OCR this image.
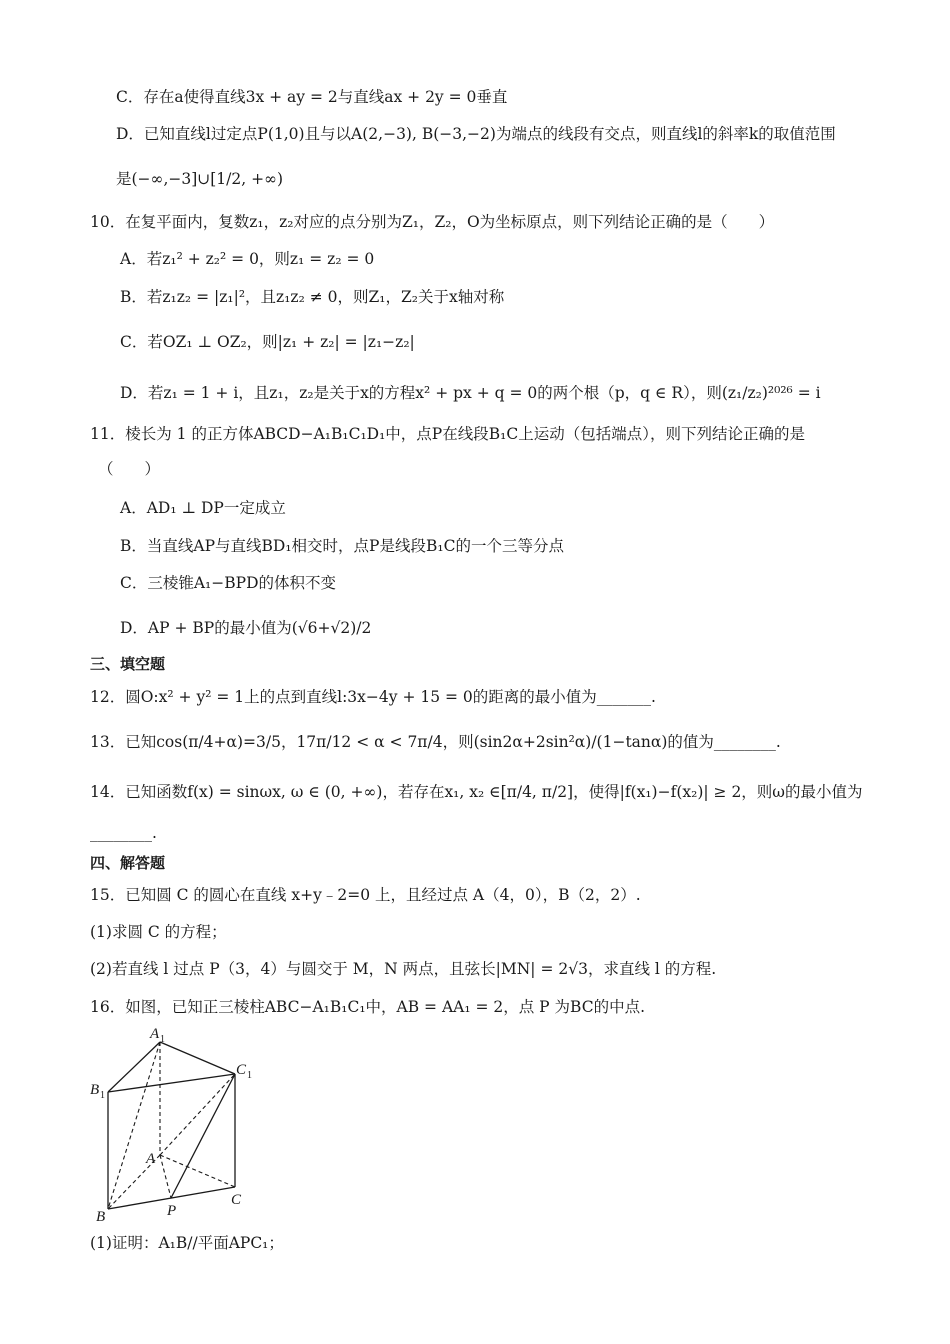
C．存在a使得直线3x + ay = 2与直线ax + 2y = 0垂直
D．已知直线l过定点P(1,0)且与以A(2,−3), B(−3,−2)为端点的线段有交点，则直线l的斜率k的取值范围
是(−∞,−3]∪[1/2, +∞)
10．在复平面内，复数z₁，z₂对应的点分别为Z₁，Z₂，O为坐标原点，则下列结论正确的是（　　）
A．若z₁² + z₂² = 0，则z₁ = z₂ = 0
B．若z₁z₂ = |z₁|²，且z₁z₂ ≠ 0，则Z₁，Z₂关于x轴对称
C．若OZ₁ ⊥ OZ₂，则|z₁ + z₂| = |z₁−z₂|
D．若z₁ = 1 + i，且z₁，z₂是关于x的方程x² + px + q = 0的两个根（p，q ∈ R），则(z₁/z₂)²⁰²⁶ = i
11．棱长为 1 的正方体ABCD−A₁B₁C₁D₁中，点P在线段B₁C上运动（包括端点），则下列结论正确的是
（　　）
A．AD₁ ⊥ DP一定成立
B．当直线AP与直线BD₁相交时，点P是线段B₁C的一个三等分点
C．三棱锥A₁−BPD的体积不变
D．AP + BP的最小值为(√6+√2)/2
三、填空题
12．圆O:x² + y² = 1上的点到直线l:3x−4y + 15 = 0的距离的最小值为_______.
13．已知cos(π/4+α)=3/5，17π/12 < α < 7π/4，则(sin2α+2sin²α)/(1−tanα)的值为________.
14．已知函数f(x) = sinωx, ω ∈ (0, +∞)，若存在x₁, x₂ ∈[π/4, π/2]，使得|f(x₁)−f(x₂)| ≥ 2，则ω的最小值为
________.
四、解答题
15．已知圆 C 的圆心在直线 x+y﹣2=0 上，且经过点 A（4，0），B（2，2）.
(1)求圆 C 的方程；
(2)若直线 l 过点 P（3，4）与圆交于 M，N 两点，且弦长|MN| = 2√3，求直线 l 的方程.
16．如图，已知正三棱柱ABC−A₁B₁C₁中，AB = AA₁ = 2，点 P 为BC的中点.
(1)证明：A₁B//平面APC₁；
A 1
C 1
B 1
A
B	P
C
